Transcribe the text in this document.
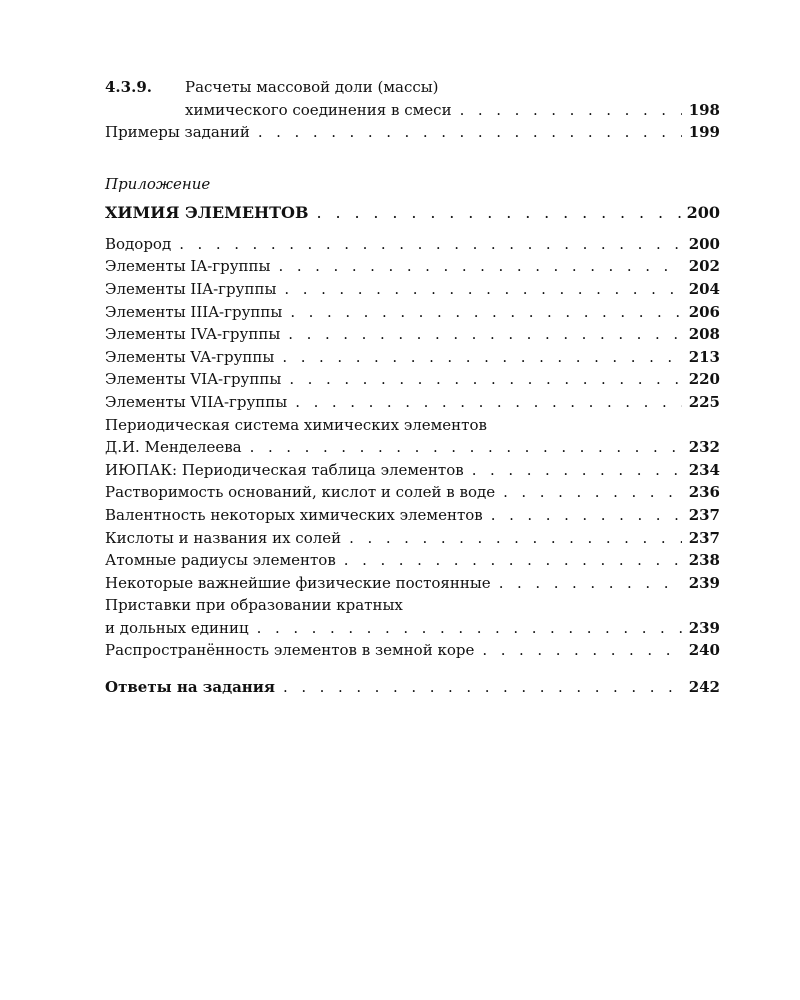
4.3.9. Расчеты массовой доли (массы)
химического соединения в смеси . . .	198
Примеры заданий . . .	199
Приложение
ХИМИЯ ЭЛЕМЕНТОВ . . .	200
Водород . . .	200
Элементы IA-группы . . .	202
Элементы IIA-группы . . .	204
Элементы IIIA-группы . . .	206
Элементы IVA-группы . . .	208
Элементы VA-группы . . .	213
Элементы VIA-группы . . .	220
Элементы VIIA-группы . . .	225
Периодическая система химических элементов
Д.И. Менделеева . . .	232
ИЮПАК: Периодическая таблица элементов . . .	234
Растворимость оснований, кислот и солей в воде . . .	236
Валентность некоторых химических элементов . . .	237
Кислоты и названия их солей . . .	237
Атомные радиусы элементов . . .	238
Некоторые важнейшие физические постоянные . . .	239
Приставки при образовании кратных
и дольных единиц . . .	239
Распространённость элементов в земной коре . . .	240
Ответы на задания . . .	242
